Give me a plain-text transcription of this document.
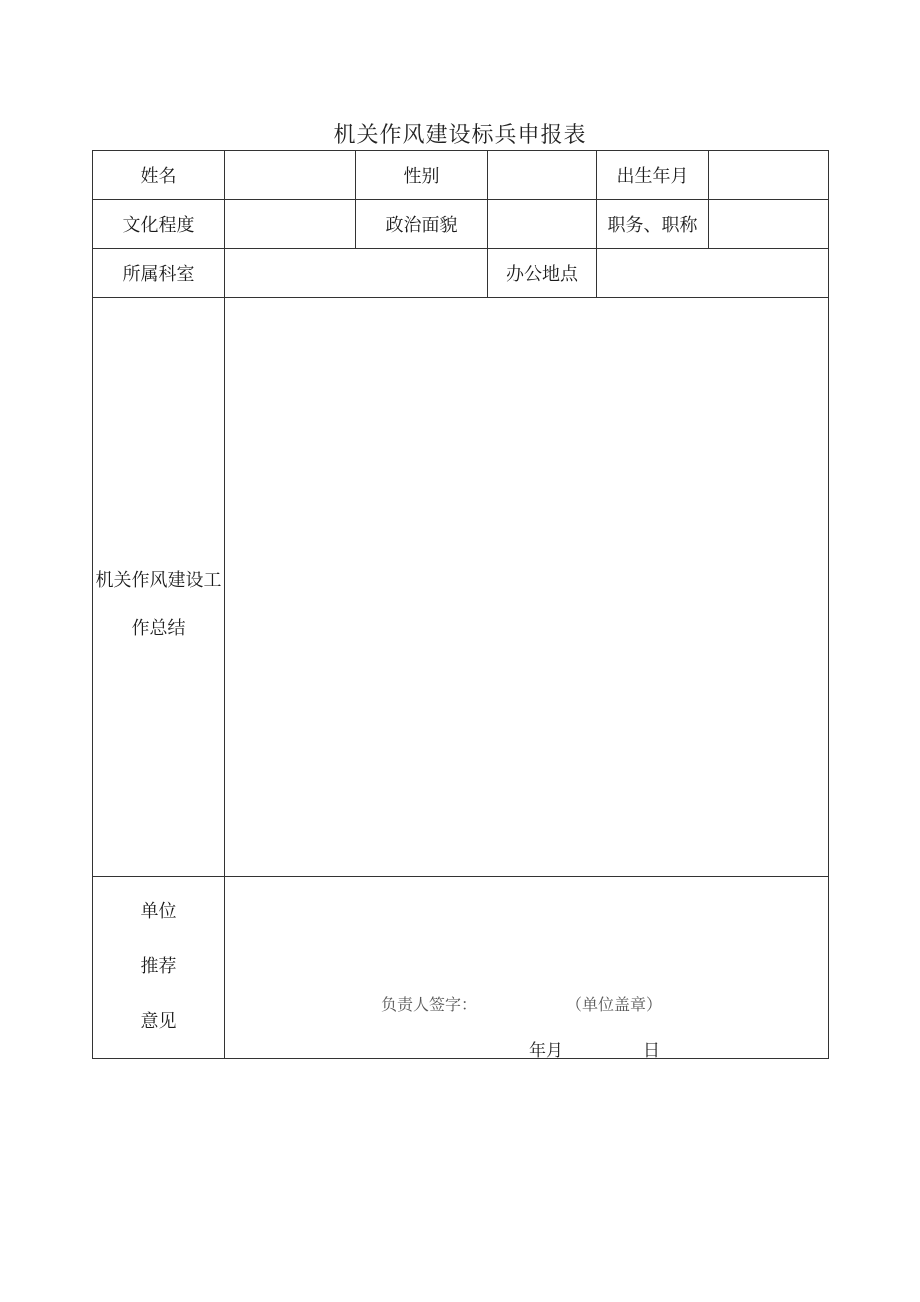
机关作风建设标兵申报表
姓名	性别	出生年月
文化程度	政治面貌	职务、职称
所属科室	办公地点
机关作风建设工
作总结
单位
推荐
意见
负责人签字：	（单位盖章）
年月	日
